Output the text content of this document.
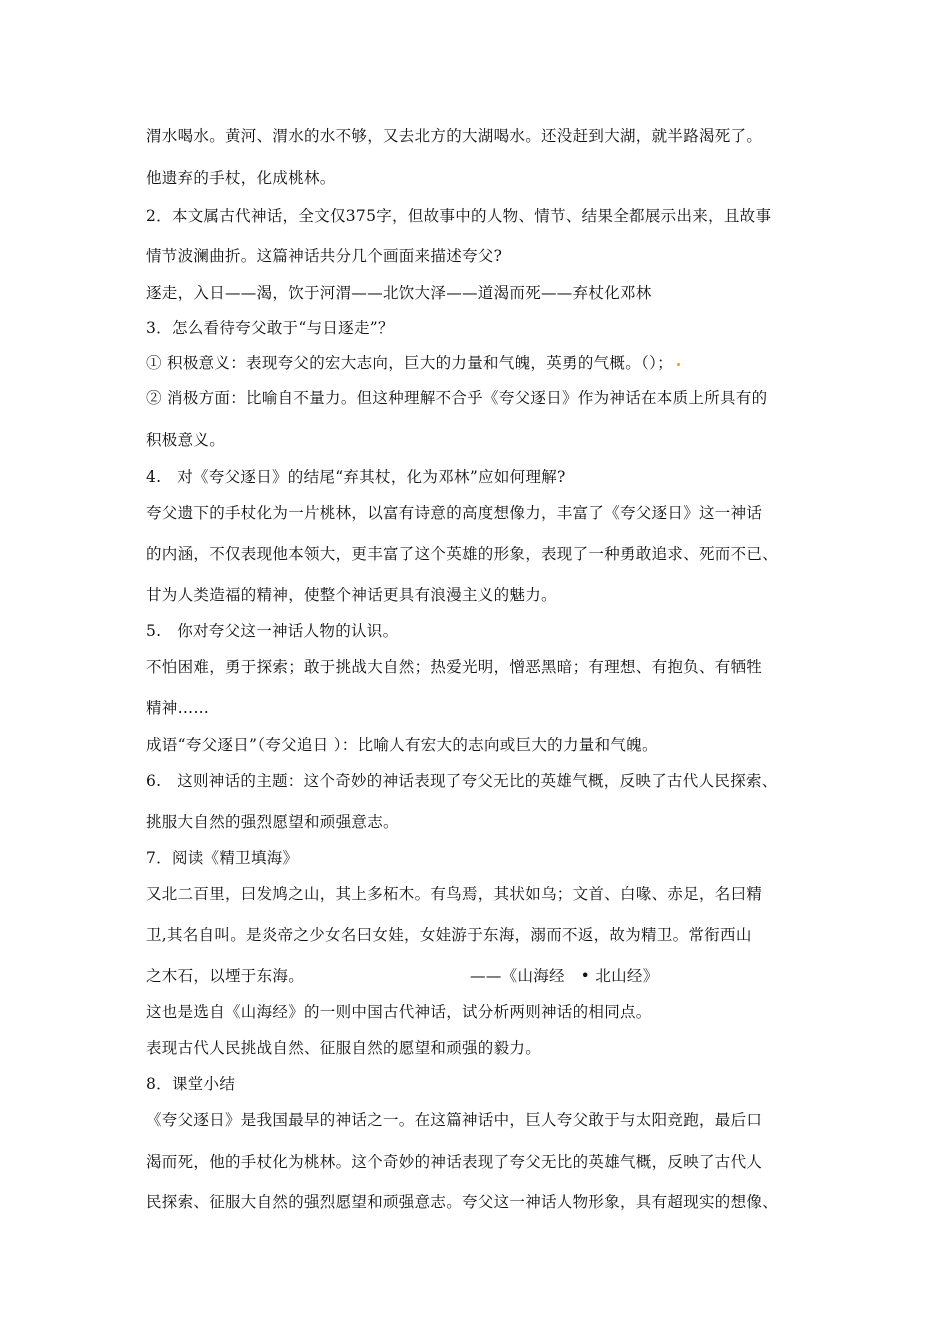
渭水喝水。黄河、渭水的水不够，又去北方的大湖喝水。还没赶到大湖，就半路渴死了。
他遗弃的手杖，化成桃林。
2．本文属古代神话，全文仅375字，但故事中的人物、情节、结果全都展示出来，且故事
情节波澜曲折。这篇神话共分几个画面来描述夸父?
逐走，入日——渴，饮于河渭——北饮大泽——道渴而死——弃杖化邓林
3．怎么看待夸父敢于“与日逐走”？
① 积极意义：表现夸父的宏大志向，巨大的力量和气魄，英勇的气概。（）；
② 消极方面：比喻自不量力。但这种理解不合乎《夸父逐日》作为神话在本质上所具有的
积极意义。
4.　对《夸父逐日》的结尾“弃其杖，化为邓林”应如何理解?
夸父遗下的手杖化为一片桃林，以富有诗意的高度想像力，丰富了《夸父逐日》这一神话
的内涵，不仅表现他本领大，更丰富了这个英雄的形象，表现了一种勇敢追求、死而不已、
甘为人类造福的精神，使整个神话更具有浪漫主义的魅力。
5.　你对夸父这一神话人物的认识。
不怕困难，勇于探索；敢于挑战大自然；热爱光明，憎恶黑暗；有理想、有抱负、有牺牲
精神……
成语“夸父逐日”（夸父追日 ）：比喻人有宏大的志向或巨大的力量和气魄。
6.　这则神话的主题：这个奇妙的神话表现了夸父无比的英雄气概，反映了古代人民探索、
挑服大自然的强烈愿望和顽强意志。
7．阅读《精卫填海》
又北二百里，曰发鸠之山，其上多柘木。有鸟焉，其状如乌；文首、白喙、赤足，名曰精
卫,其名自叫。是炎帝之少女名曰女娃，女娃游于东海，溺而不返，故为精卫。常衔西山
之木石，以堙于东海。　　　　　　　　　　　——《山海经　• 北山经》
这也是选自《山海经》的一则中国古代神话，试分析两则神话的相同点。
表现古代人民挑战自然、征服自然的愿望和顽强的毅力。
8．课堂小结
《夸父逐日》是我国最早的神话之一。在这篇神话中，巨人夸父敢于与太阳竞跑，最后口
渴而死，他的手杖化为桃林。这个奇妙的神话表现了夸父无比的英雄气概，反映了古代人
民探索、征服大自然的强烈愿望和顽强意志。夸父这一神话人物形象，具有超现实的想像、
